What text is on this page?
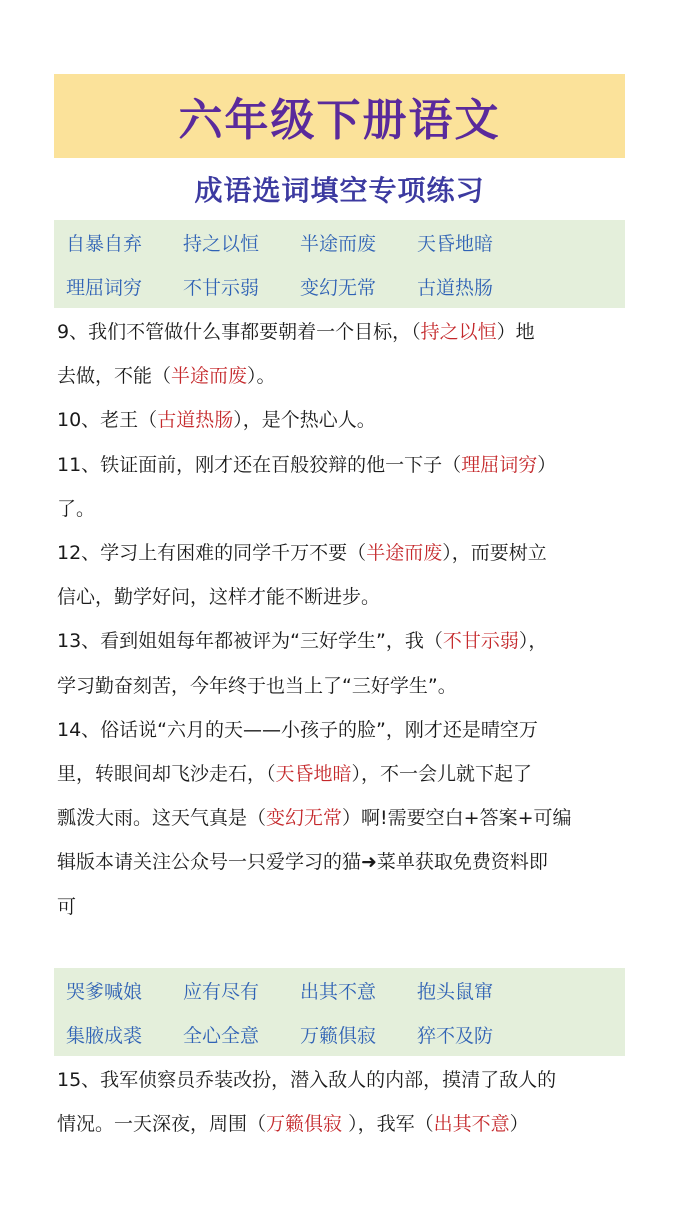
六年级下册语文
成语选词填空专项练习
自暴自弃	持之以恒	半途而废	天昏地暗
理屈词穷	不甘示弱	变幻无常	古道热肠
9、我们不管做什么事都要朝着一个目标，（持之以恒）地
去做，不能（半途而废）。
10、老王（古道热肠），是个热心人。
11、铁证面前，刚才还在百般狡辩的他一下子（理屈词穷）
了。
12、学习上有困难的同学千万不要（半途而废），而要树立
信心，勤学好问，这样才能不断进步。
13、看到姐姐每年都被评为“三好学生”，我（不甘示弱），
学习勤奋刻苦，今年终于也当上了“三好学生”。
14、俗话说“六月的天——小孩子的脸”，刚才还是晴空万
里，转眼间却飞沙走石，（天昏地暗），不一会儿就下起了
瓢泼大雨。这天气真是（变幻无常）啊!需要空白+答案+可编
辑版本请关注公众号一只爱学习的猫➜菜单获取免费资料即
可
哭爹喊娘	应有尽有	出其不意	抱头鼠窜
集腋成裘	全心全意	万籁俱寂	猝不及防
15、我军侦察员乔装改扮，潜入敌人的内部，摸清了敌人的
情况。一天深夜，周围（万籁俱寂 ），我军（出其不意）
